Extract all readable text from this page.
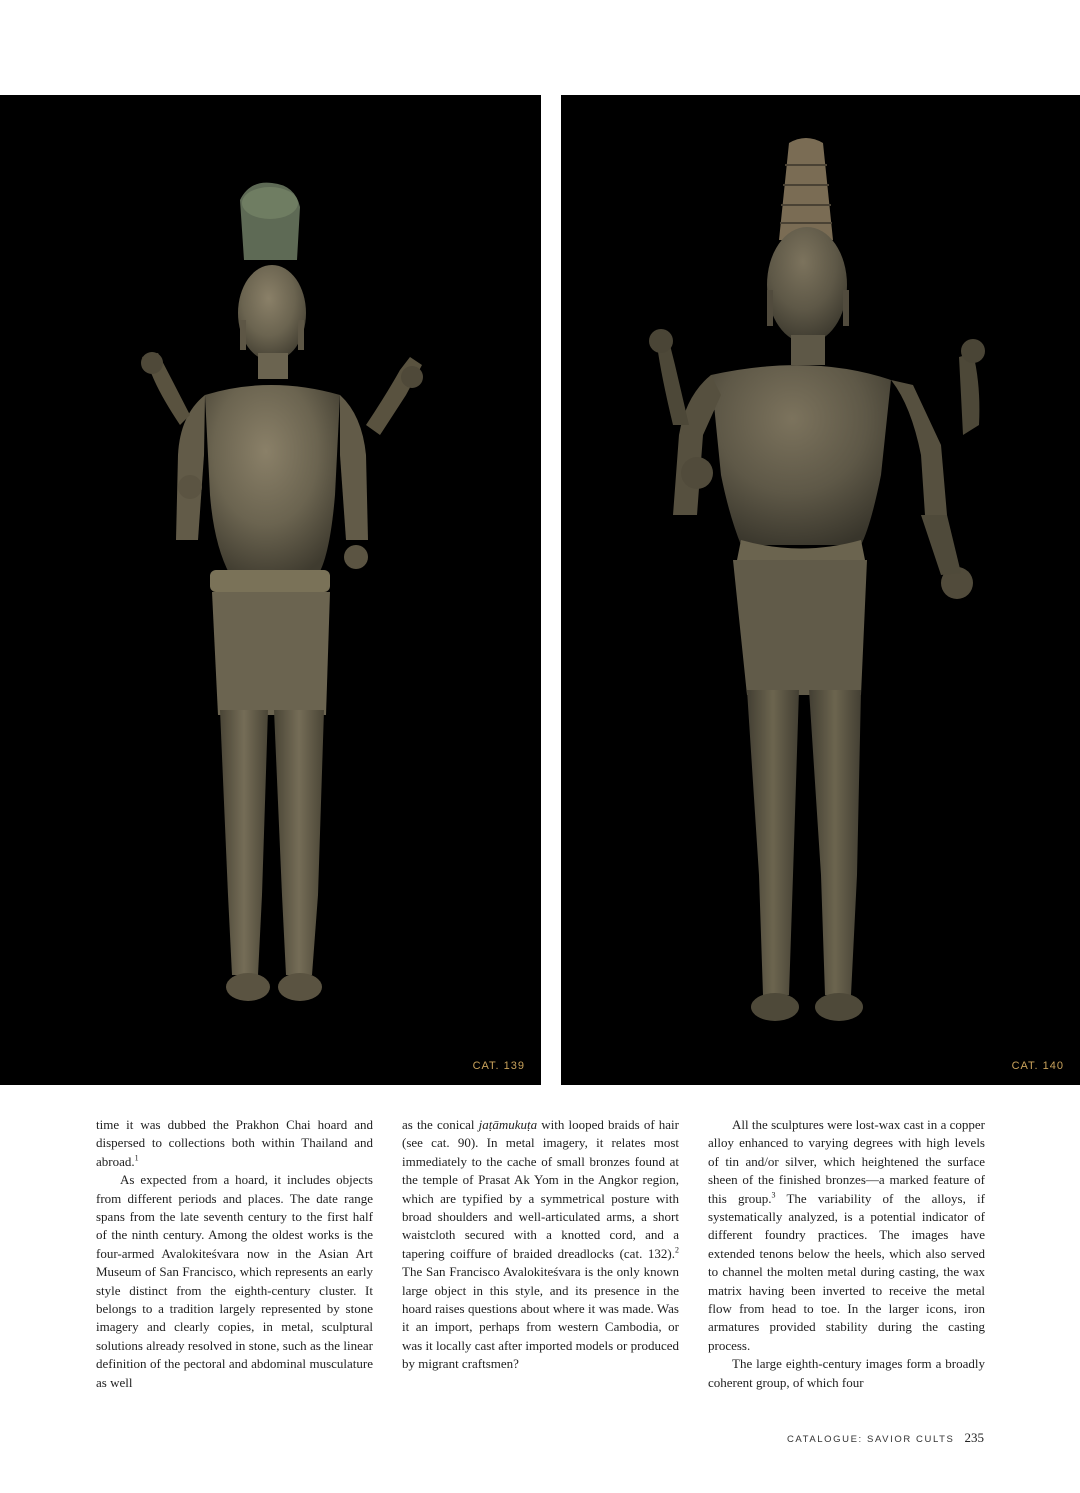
CAT. 139	CAT. 140

time it was dubbed the Prakhon Chai hoard and dispersed to collections both within Thailand and abroad.$^1$

As expected from a hoard, it includes objects from different periods and places. The date range spans from the late seventh century to the first half of the ninth century. Among the oldest works is the four-armed Avalokiteśvara now in the Asian Art Museum of San Francisco, which represents an early style distinct from the eighth-century cluster. It belongs to a tradition largely represented by stone imagery and clearly copies, in metal, sculptural solutions already resolved in stone, such as the linear definition of the pectoral and abdominal musculature as well

as the conical jaṭāmukuṭa with looped braids of hair (see cat. 90). In metal imagery, it relates most immediately to the cache of small bronzes found at the temple of Prasat Ak Yom in the Angkor region, which are typified by a symmetrical posture with broad shoulders and well-articulated arms, a short waistcloth secured with a knotted cord, and a tapering coiffure of braided dreadlocks (cat. 132).$^2$ The San Francisco Avalokiteśvara is the only known large object in this style, and its presence in the hoard raises questions about where it was made. Was it an import, perhaps from western Cambodia, or was it locally cast after imported models or produced by migrant craftsmen?

All the sculptures were lost-wax cast in a copper alloy enhanced to varying degrees with high levels of tin and/or silver, which heightened the surface sheen of the finished bronzes—a marked feature of this group.$^3$ The variability of the alloys, if systematically analyzed, is a potential indicator of different foundry practices. The images have extended tenons below the heels, which also served to channel the molten metal during casting, the wax matrix having been inverted to receive the metal flow from head to toe. In the larger icons, iron armatures provided stability during the casting process.

The large eighth-century images form a broadly coherent group, of which four

CATALOGUE: SAVIOR CULTS 235
